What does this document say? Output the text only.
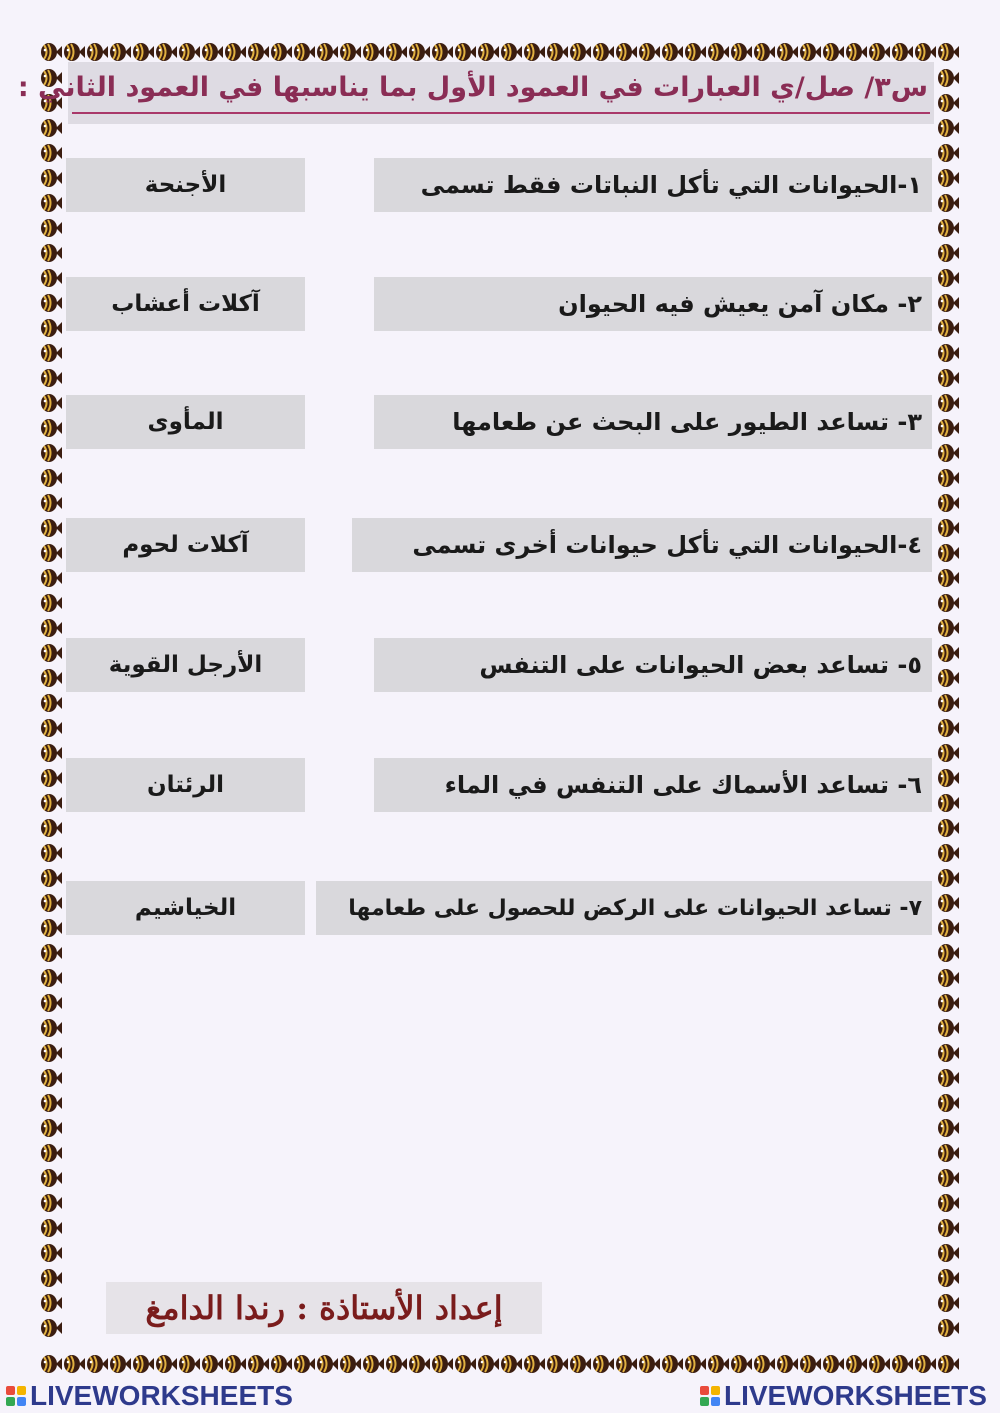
س٣/ صل/ي العبارات في العمود الأول بما يناسبها في العمود الثاني :
١-الحيوانات التي تأكل النباتات فقط تسمى
٢- مكان آمن يعيش فيه الحيوان
٣- تساعد الطيور على البحث عن طعامها
٤-الحيوانات التي تأكل حيوانات أخرى تسمى
٥- تساعد بعض الحيوانات على التنفس
٦- تساعد الأسماك على التنفس في الماء
٧- تساعد الحيوانات على الركض للحصول على طعامها
الأجنحة
آكلات أعشاب
المأوى
آكلات لحوم
الأرجل القوية
الرئتان
الخياشيم
إعداد الأستاذة : رندا الدامغ
LIVEWORKSHEETS	LIVEWORKSHEETS
